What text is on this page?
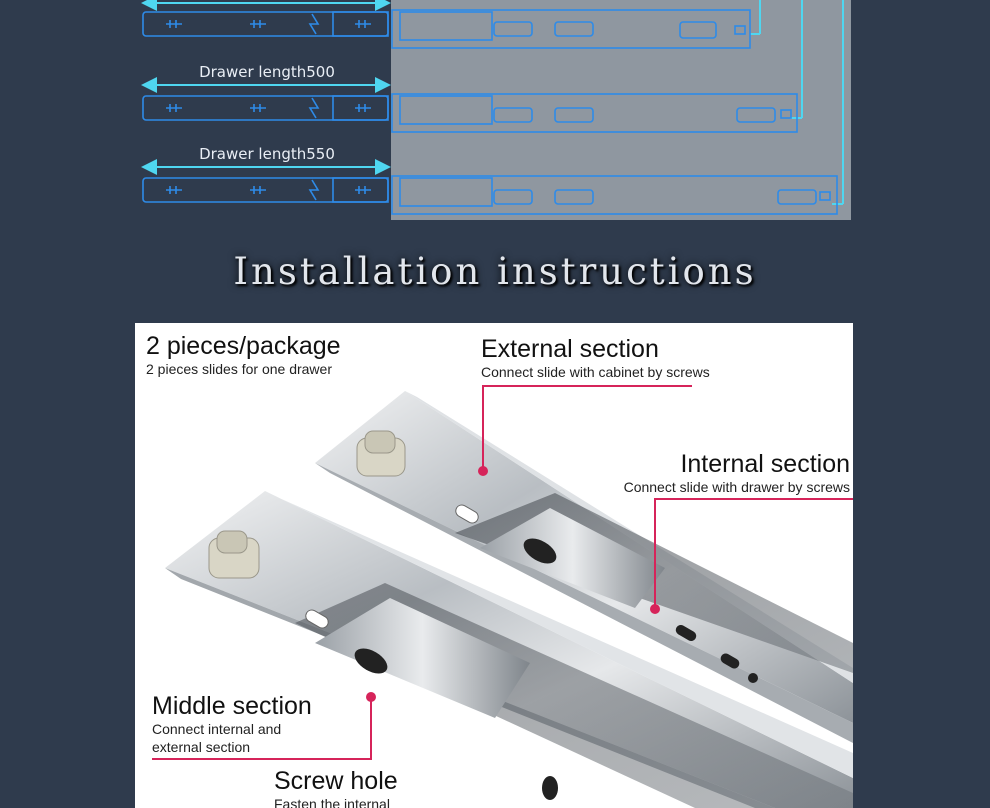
Drawer length500
Drawer length550
Installation instructions
2 pieces/package
2 pieces slides for one drawer
External section
Connect slide with cabinet by screws
Internal section
Connect slide with drawer by screws
Middle section
Connect internal and
external section
Screw hole
Fasten the internal
